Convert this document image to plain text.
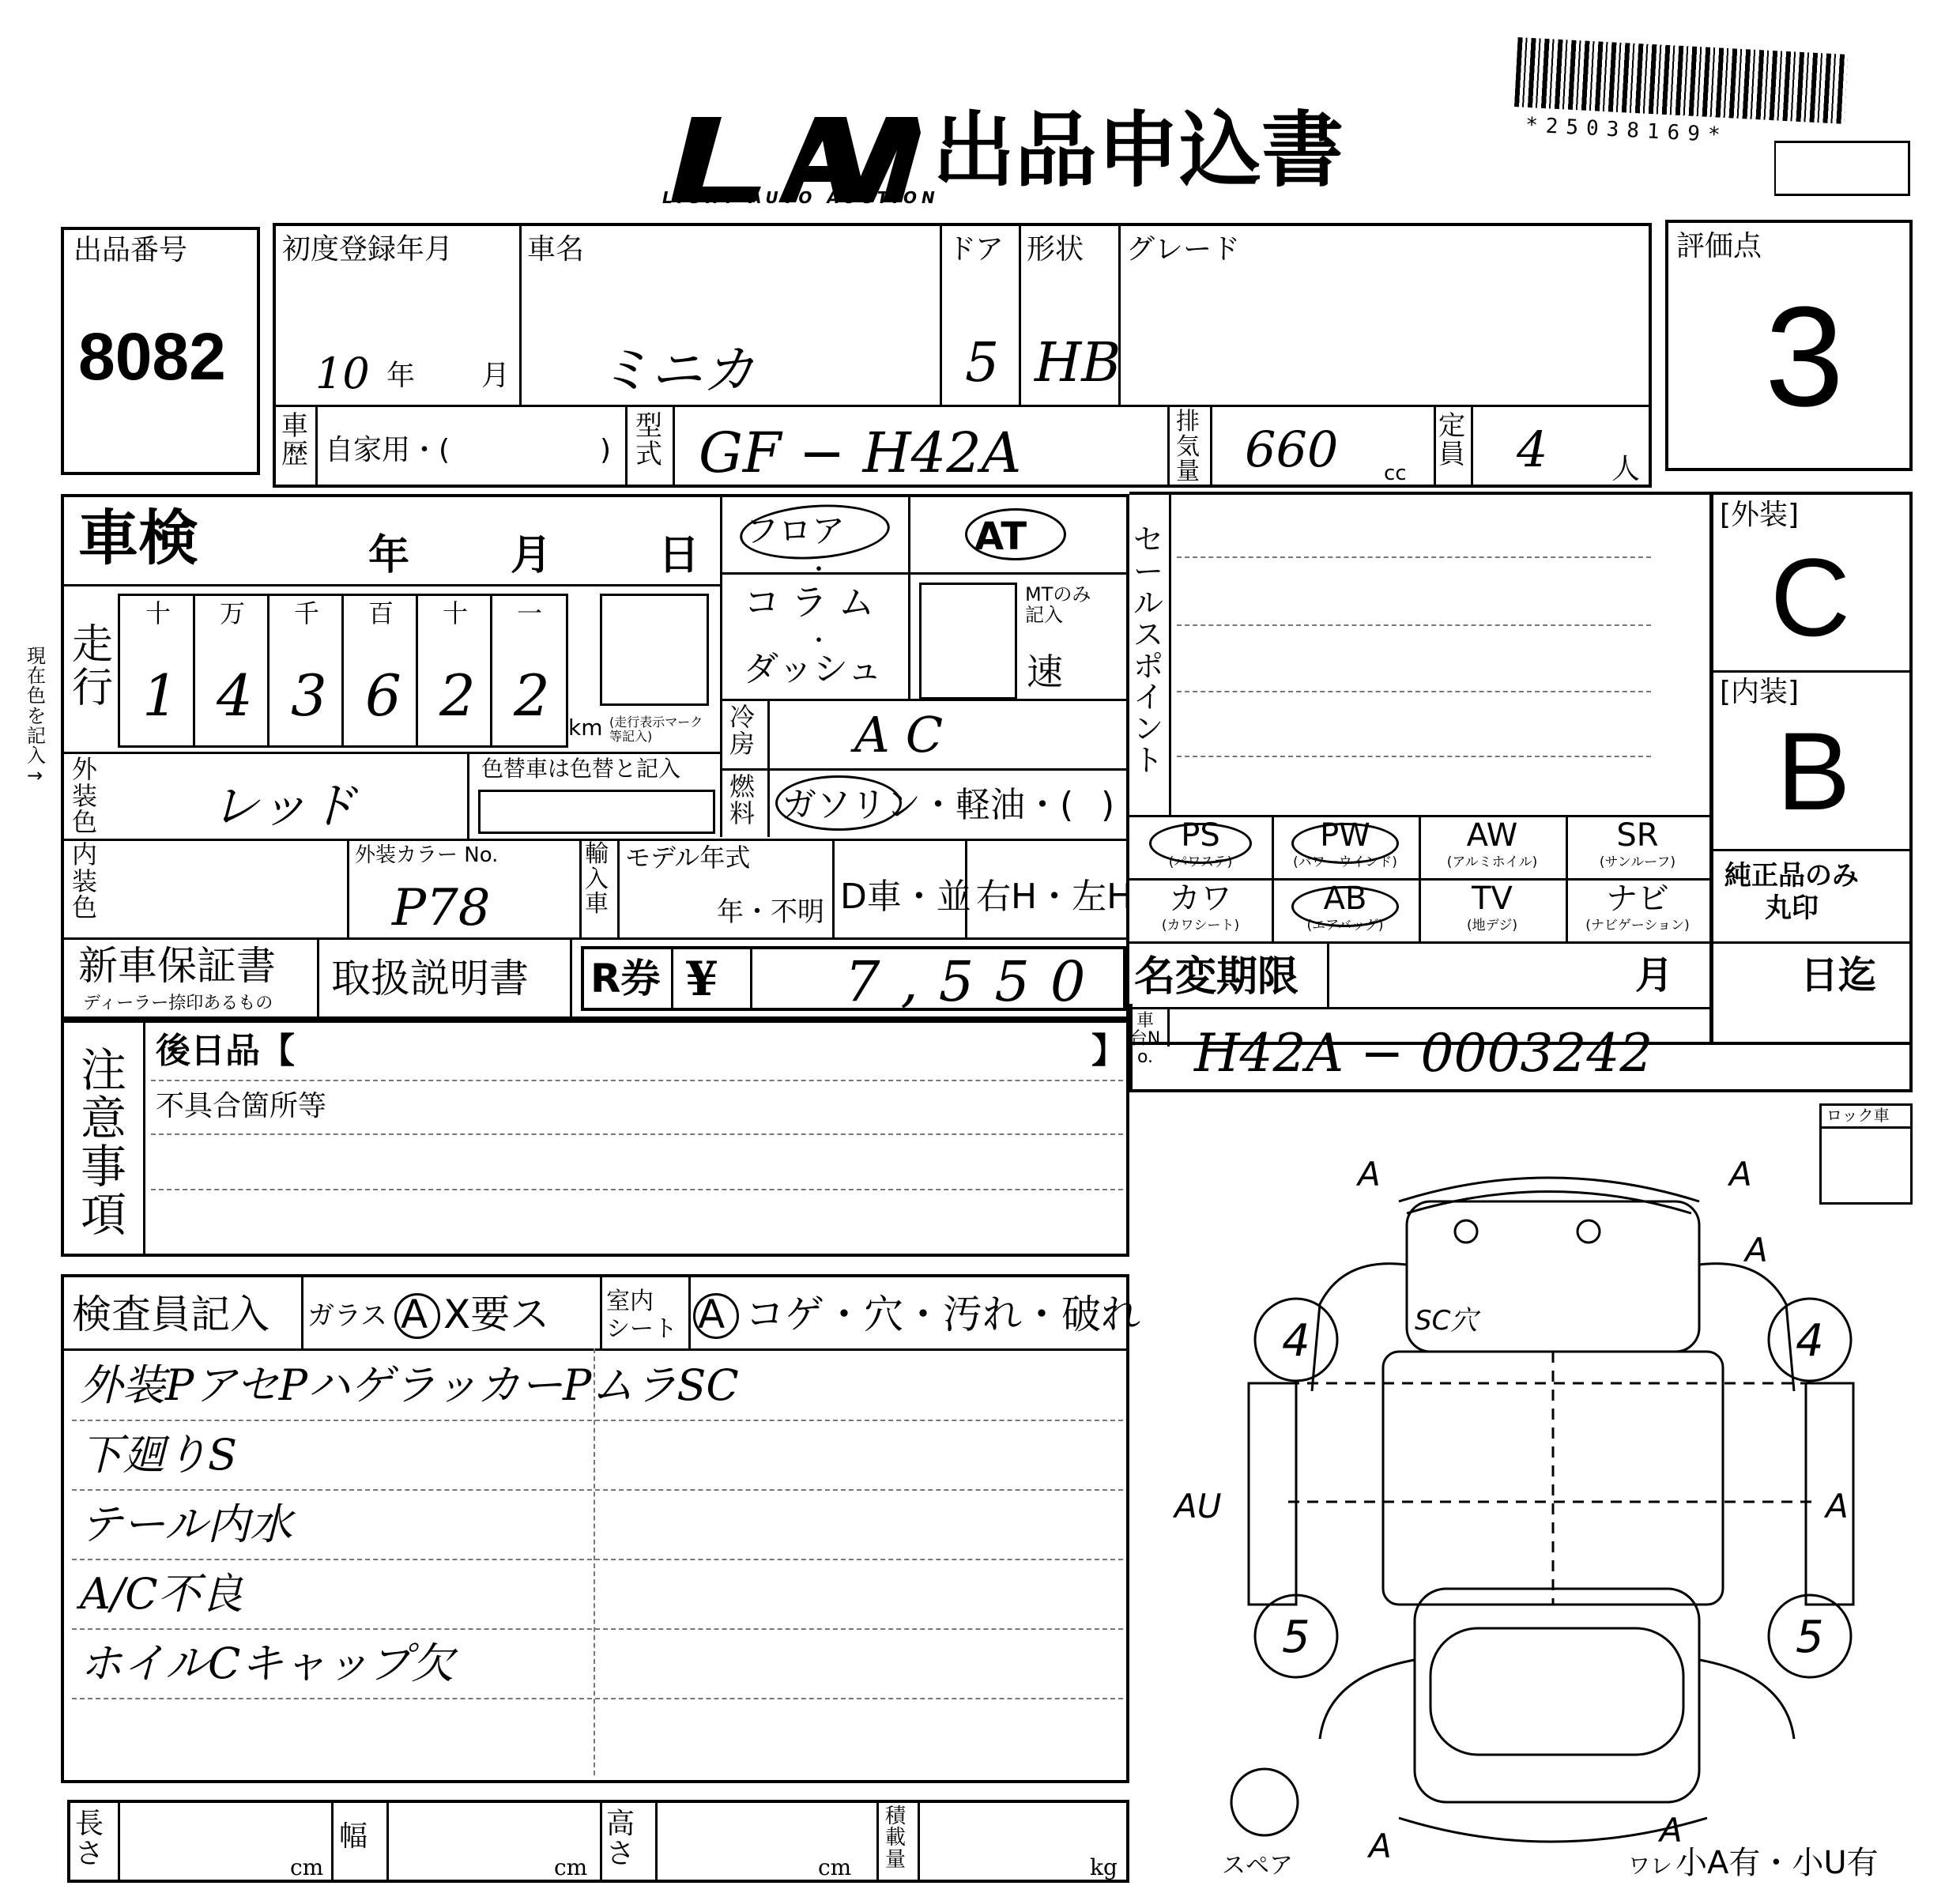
LIGHT AUTO AUCTION
出品申込書	*25038169*
出品番号
8082
初度登録年月
10 年 月
車名
ミニカ
ドア
5
形状
HB
グレード
車歴 自家用・(	)
型式 GF − H42A	排気量 660 cc
定員 4 人
評価点
3
現在色を記入→
車検	年 月	日
走行
十 万 千 百 十 一
1 4 3 6 2 2 km (走行表示マーク
等記入)
フロア
・
コラム
・
ダッシュ
AT
MTのみ
記入
速
冷房 AC
燃料 ガソリン・軽油・( )
外装色 レッド
色替車は色替と記入
内装色
外装カラー No.
P78
輸入車
モデル年式
年・不明 D車・並 右H・左H
新車保証書
ディーラー捺印あるもの
取扱説明書 R券 ¥ 7,550
セールスポイント
PS
(パワステ)
PW
(パワーウインド)
AW
(アルミホイル)
SR
(サンルーフ)
カワ
(カワシート)
AB
(エアバッグ)
TV
(地デジ)
ナビ
(ナビゲーション)
名変期限	月
車台No.
[外装]
C
[内装]
B
純正品のみ
丸印
日迄
H42A − 0003242
ロック車
注意事項
後日品【	】
不具合箇所等
検査員記入 ガラス A X要ス 室内
シート A コゲ・穴・汚れ・破れ
外装PアセPハゲラッカーPムラSC
下廻りS
テール内水
A/C不良
ホイルCキャップ欠
長さ	cm
幅
cm
高さ	cm
積載量	kg
4	4
5	5
A	A
A
AU	A
A	A
SC穴
スペア	ワレ 小A有・小U有
